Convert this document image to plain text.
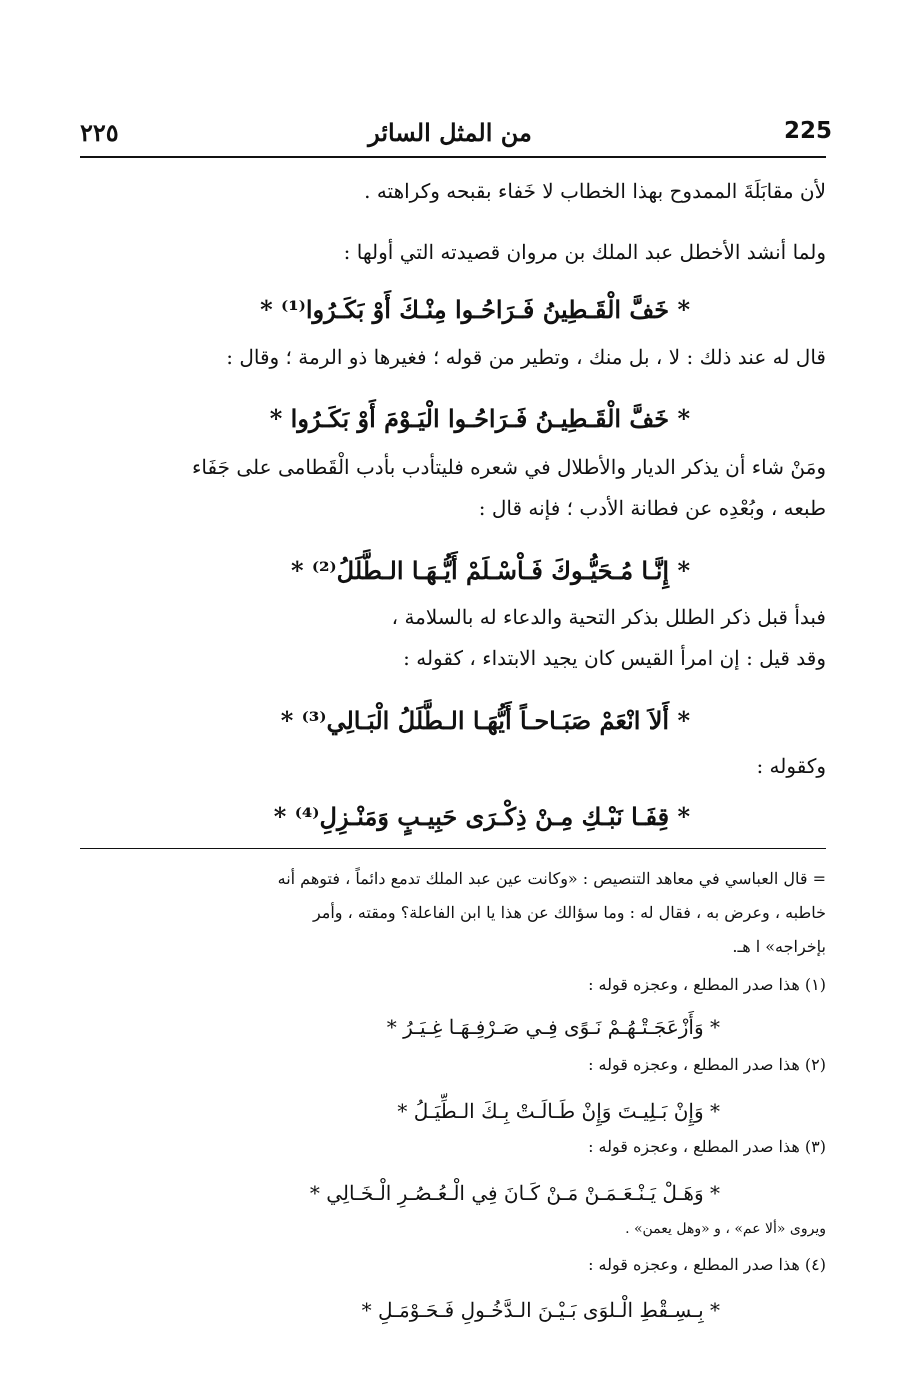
225
من المثل السائر
٢٢٥
لأن مقابَلَةَ الممدوح بهذا الخطاب لا خَفاء بقبحه وكراهته .
ولما أنشد الأخطل عبد الملك بن مروان قصيدته التي أولها :
* خَفَّ الْقَـطِينُ فَـرَاحُـوا مِنْـكَ أَوْ بَكَـرُوا⁽¹⁾ *
قال له عند ذلك : لا ، بل منك ، وتطير من قوله ؛ فغيرها ذو الرمة ؛ وقال :
* خَفَّ الْقَـطِيـنُ فَـرَاحُـوا الْيَـوْمَ أَوْ بَكَـرُوا *
ومَنْ شاء أن يذكر الديار والأطلال في شعره فليتأدب بأدب الْقَطامى على جَفَاء
طبعه ، وبُعْدِه عن فطانة الأدب ؛ فإنه قال :
* إِنَّـا مُـحَيُّـوكَ فَـاْسْـلَمْ أَيُّـهَـا الـطَّلَلُ⁽²⁾ *
فبدأ قبل ذكر الطلل بذكر التحية والدعاء له بالسلامة ،
وقد قيل : إن امرأ القيس كان يجيد الابتداء ، كقوله :
* أَلاَ انْعَمْ صَبَـاحـاً أَيُّهَـا الـطَّلَلُ الْبَـالِي⁽³⁾ *
وكقوله :
* قِفَـا نَبْـكِ مِـنْ ذِكْـرَى حَبِيـبٍ وَمَنْـزِلِ⁽⁴⁾ *
= قال العباسي في معاهد التنصيص : «وكانت عين عبد الملك تدمع دائماً ، فتوهم أنه
خاطبه ، وعرض به ، فقال له : وما سؤالك عن هذا يا ابن الفاعلة؟ ومقته ، وأمر
بإخراجه» ا هـ.
(١) هذا صدر المطلع ، وعجزه قوله :
* وَأَزْعَجَـتْـهُـمْ نَـوًى فِـي صَـرْفِـهَـا غِـيَـرُ *
(٢) هذا صدر المطلع ، وعجزه قوله :
* وَإِنْ بَـلِيـتَ وَإِنْ طَـالَـتْ بِـكَ الـطِّيَـلُ *
(٣) هذا صدر المطلع ، وعجزه قوله :
* وَهَـلْ يَـنْـعَـمَـنْ مَـنْ كَـانَ فِي الْـعُـصُـرِ الْـخَـالِي *
ويروى «ألا عم» ، و «وهل يعمن» .
(٤) هذا صدر المطلع ، وعجزه قوله :
* بِـسِـقْطِ الْـلوَى بَـيْـنَ الـدَّخُـولِ فَـحَـوْمَـلِ *
